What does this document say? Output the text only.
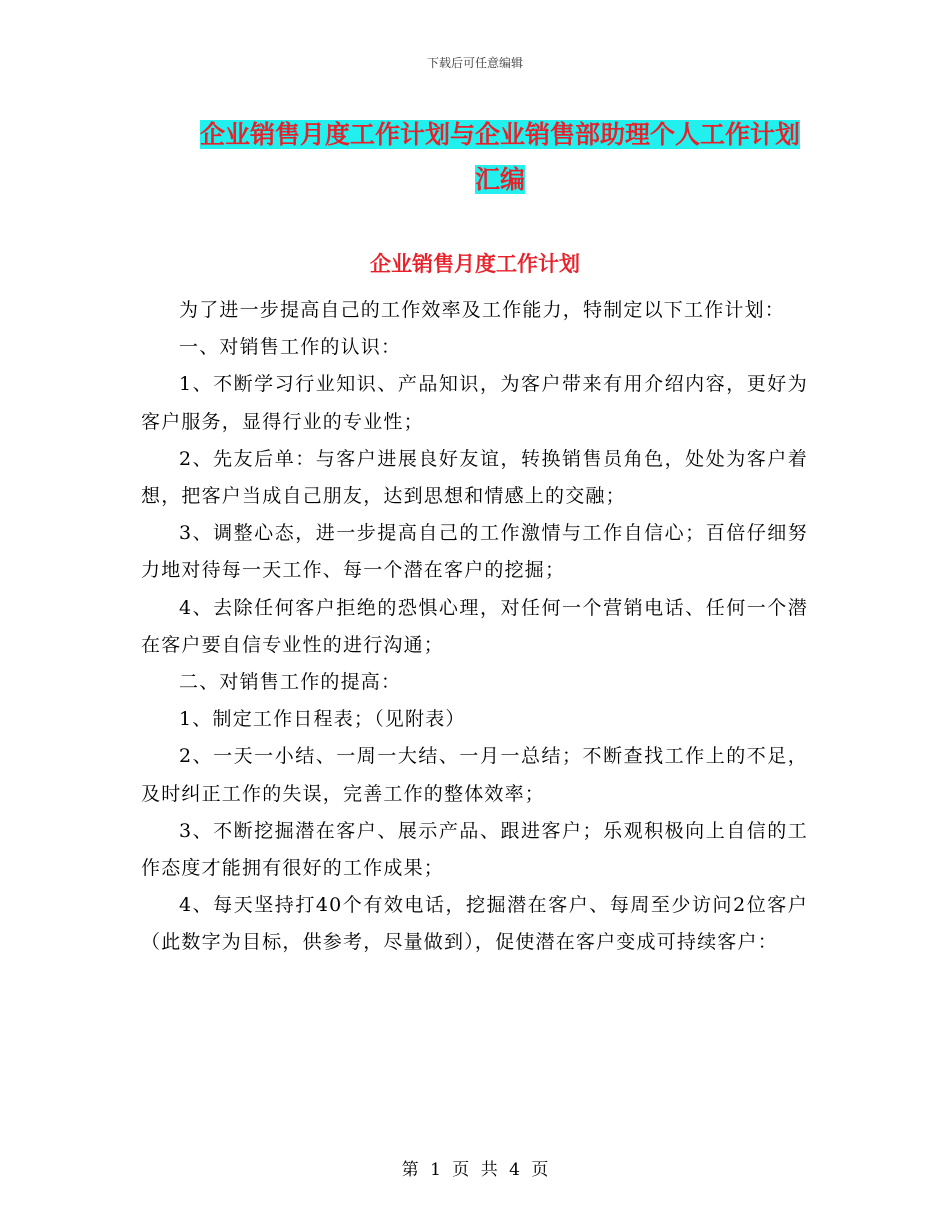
下载后可任意编辑
企业销售月度工作计划与企业销售部助理个人工作计划汇编
企业销售月度工作计划

为了进一步提高自己的工作效率及工作能力，特制定以下工作计划：

一、对销售工作的认识：

1、不断学习行业知识、产品知识，为客户带来有用介绍内容，更好为客户服务，显得行业的专业性；

2、先友后单：与客户进展良好友谊，转换销售员角色，处处为客户着想，把客户当成自己朋友，达到思想和情感上的交融；

3、调整心态，进一步提高自己的工作激情与工作自信心；百倍仔细努力地对待每一天工作、每一个潜在客户的挖掘；

4、去除任何客户拒绝的恐惧心理，对任何一个营销电话、任何一个潜在客户要自信专业性的进行沟通；

二、对销售工作的提高：

1、制定工作日程表；（见附表）

2、一天一小结、一周一大结、一月一总结；不断查找工作上的不足，及时纠正工作的失误，完善工作的整体效率；

3、不断挖掘潜在客户、展示产品、跟进客户；乐观积极向上自信的工作态度才能拥有很好的工作成果；

4、每天坚持打40个有效电话，挖掘潜在客户、每周至少访问2位客户（此数字为目标，供参考，尽量做到），促使潜在客户变成可持续客户：

第 1 页 共 4 页
